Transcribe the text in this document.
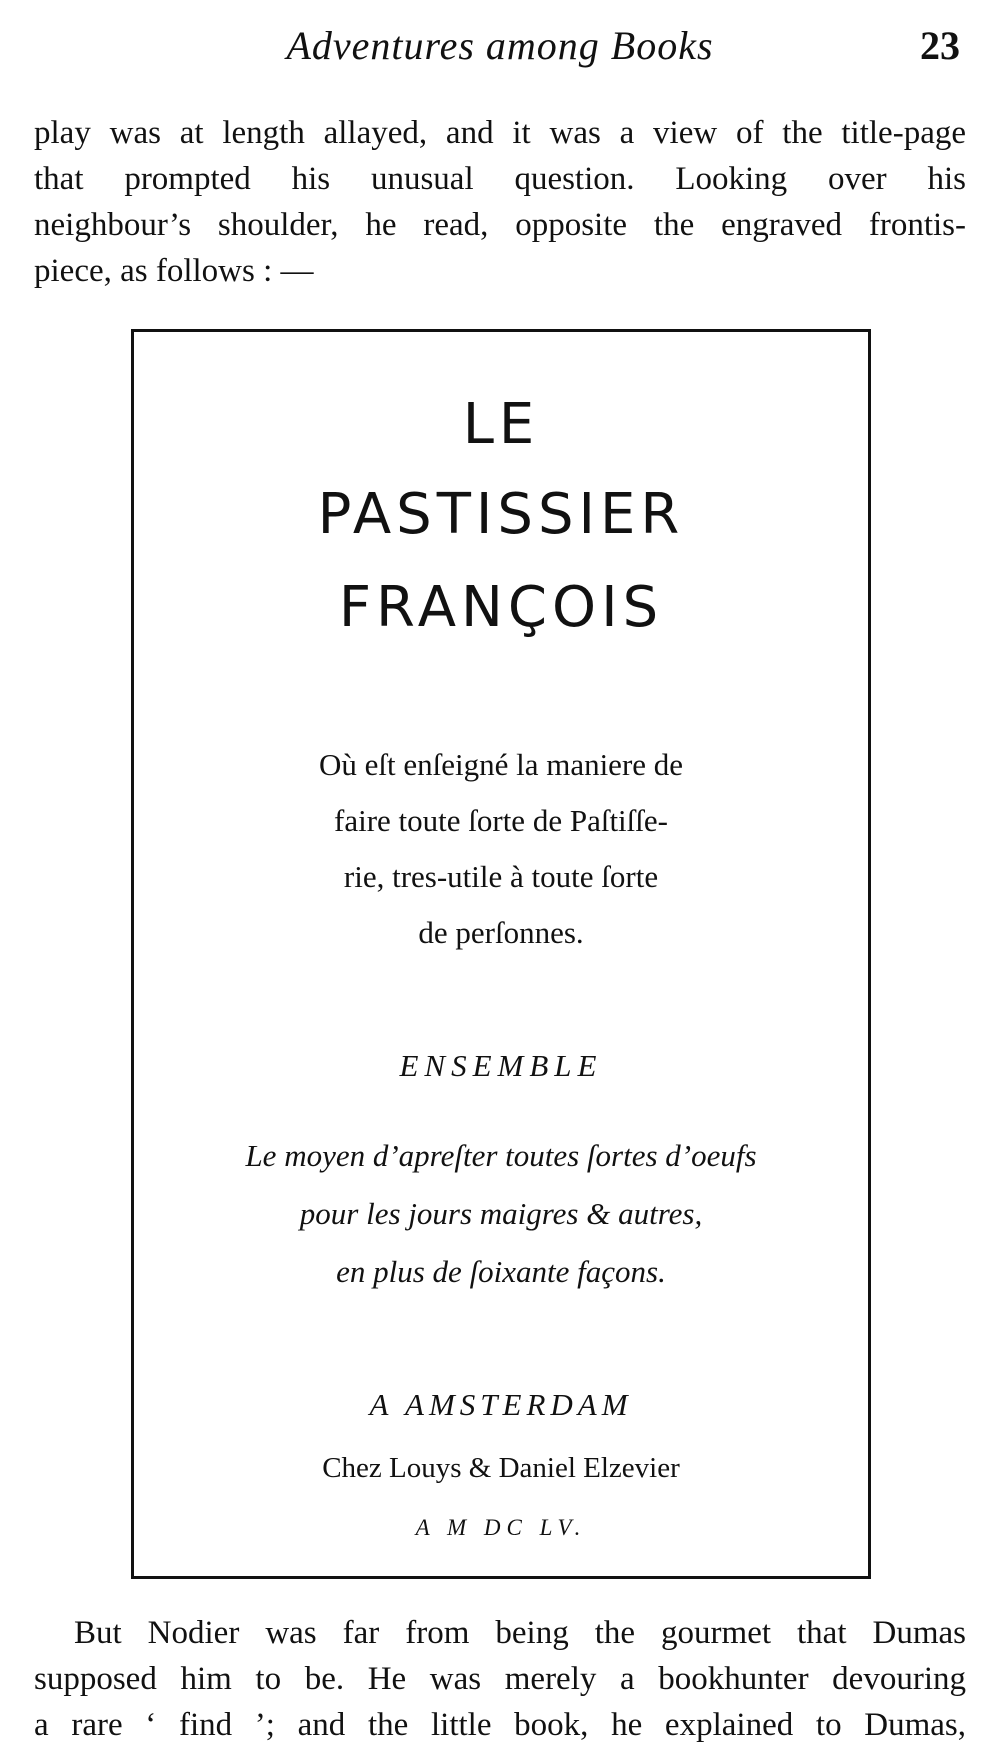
Adventures among Books	23
play was at length allayed, and it was a view of the title-page
that prompted his unusual question. Looking over his
neighbour’s shoulder, he read, opposite the engraved frontis-
piece, as follows : —
LE
PASTISSIER
FRANÇOIS
Où eſt enſeigné la maniere de
faire toute ſorte de Paſtiſſe-
rie, tres-utile à toute ſorte
de perſonnes.
ENSEMBLE
Le moyen d’apreſter toutes ſortes d’oeufs
pour les jours maigres & autres,
en plus de ſoixante façons.
A AMSTERDAM
Chez Louys & Daniel Elzevier
A M DC LV.
But Nodier was far from being the gourmet that Dumas
supposed him to be. He was merely a bookhunter devouring
a rare ‘ find ’; and the little book, he explained to Dumas,
